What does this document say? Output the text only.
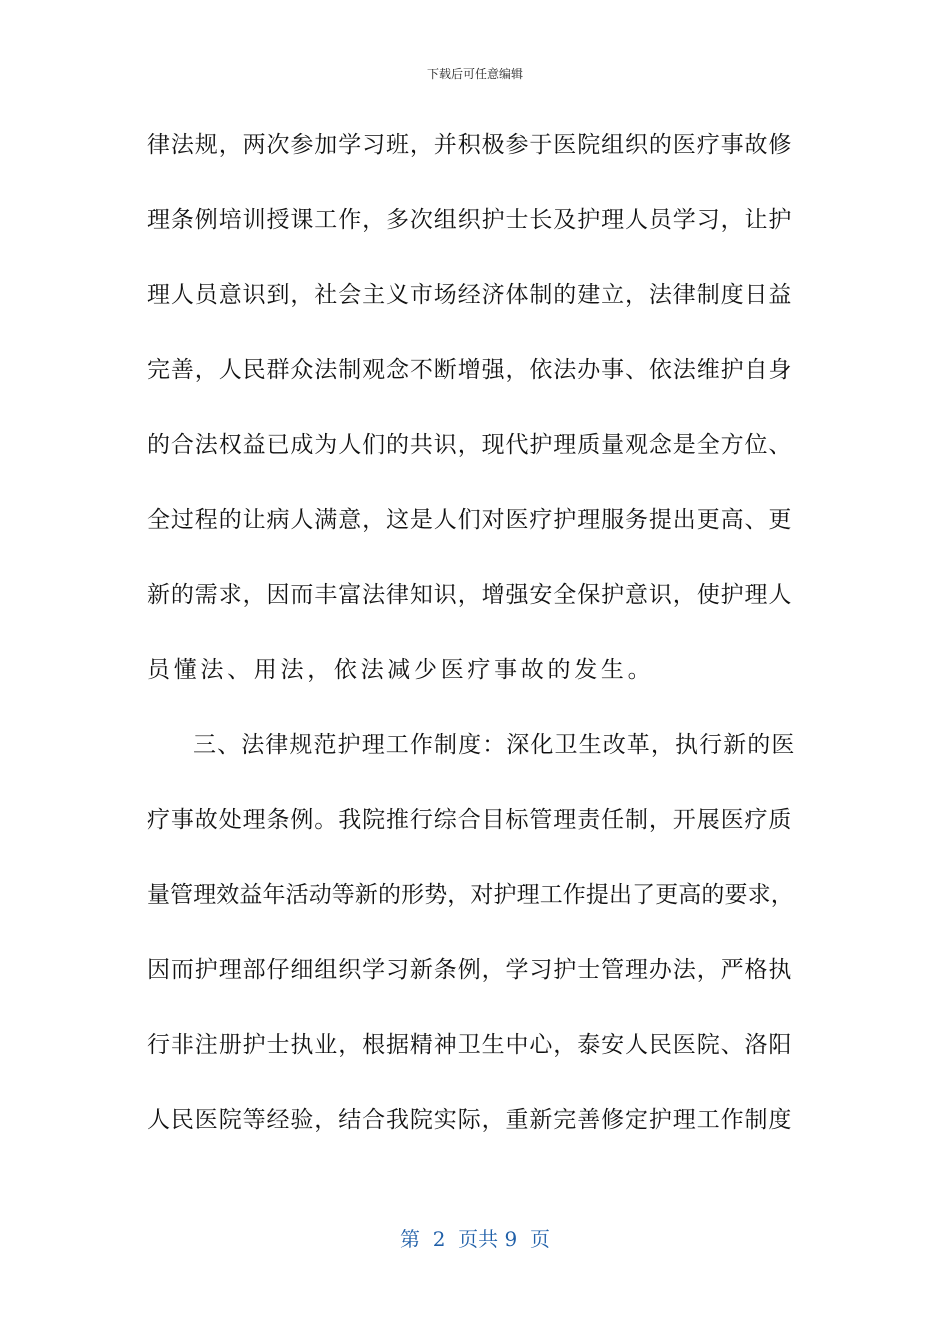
下载后可任意编辑
律法规，两次参加学习班，并积极参于医院组织的医疗事故修
理条例培训授课工作，多次组织护士长及护理人员学习，让护
理人员意识到，社会主义市场经济体制的建立，法律制度日益
完善，人民群众法制观念不断增强，依法办事、依法维护自身
的合法权益已成为人们的共识，现代护理质量观念是全方位、
全过程的让病人满意，这是人们对医疗护理服务提出更高、更
新的需求，因而丰富法律知识，增强安全保护意识，使护理人
员懂法、用法，依法减少医疗事故的发生。
三、法律规范护理工作制度：深化卫生改革，执行新的医
疗事故处理条例。我院推行综合目标管理责任制，开展医疗质
量管理效益年活动等新的形势，对护理工作提出了更高的要求，
因而护理部仔细组织学习新条例，学习护士管理办法，严格执
行非注册护士执业，根据精神卫生中心，泰安人民医院、洛阳
人民医院等经验，结合我院实际，重新完善修定护理工作制度
第  2  页共 9  页
